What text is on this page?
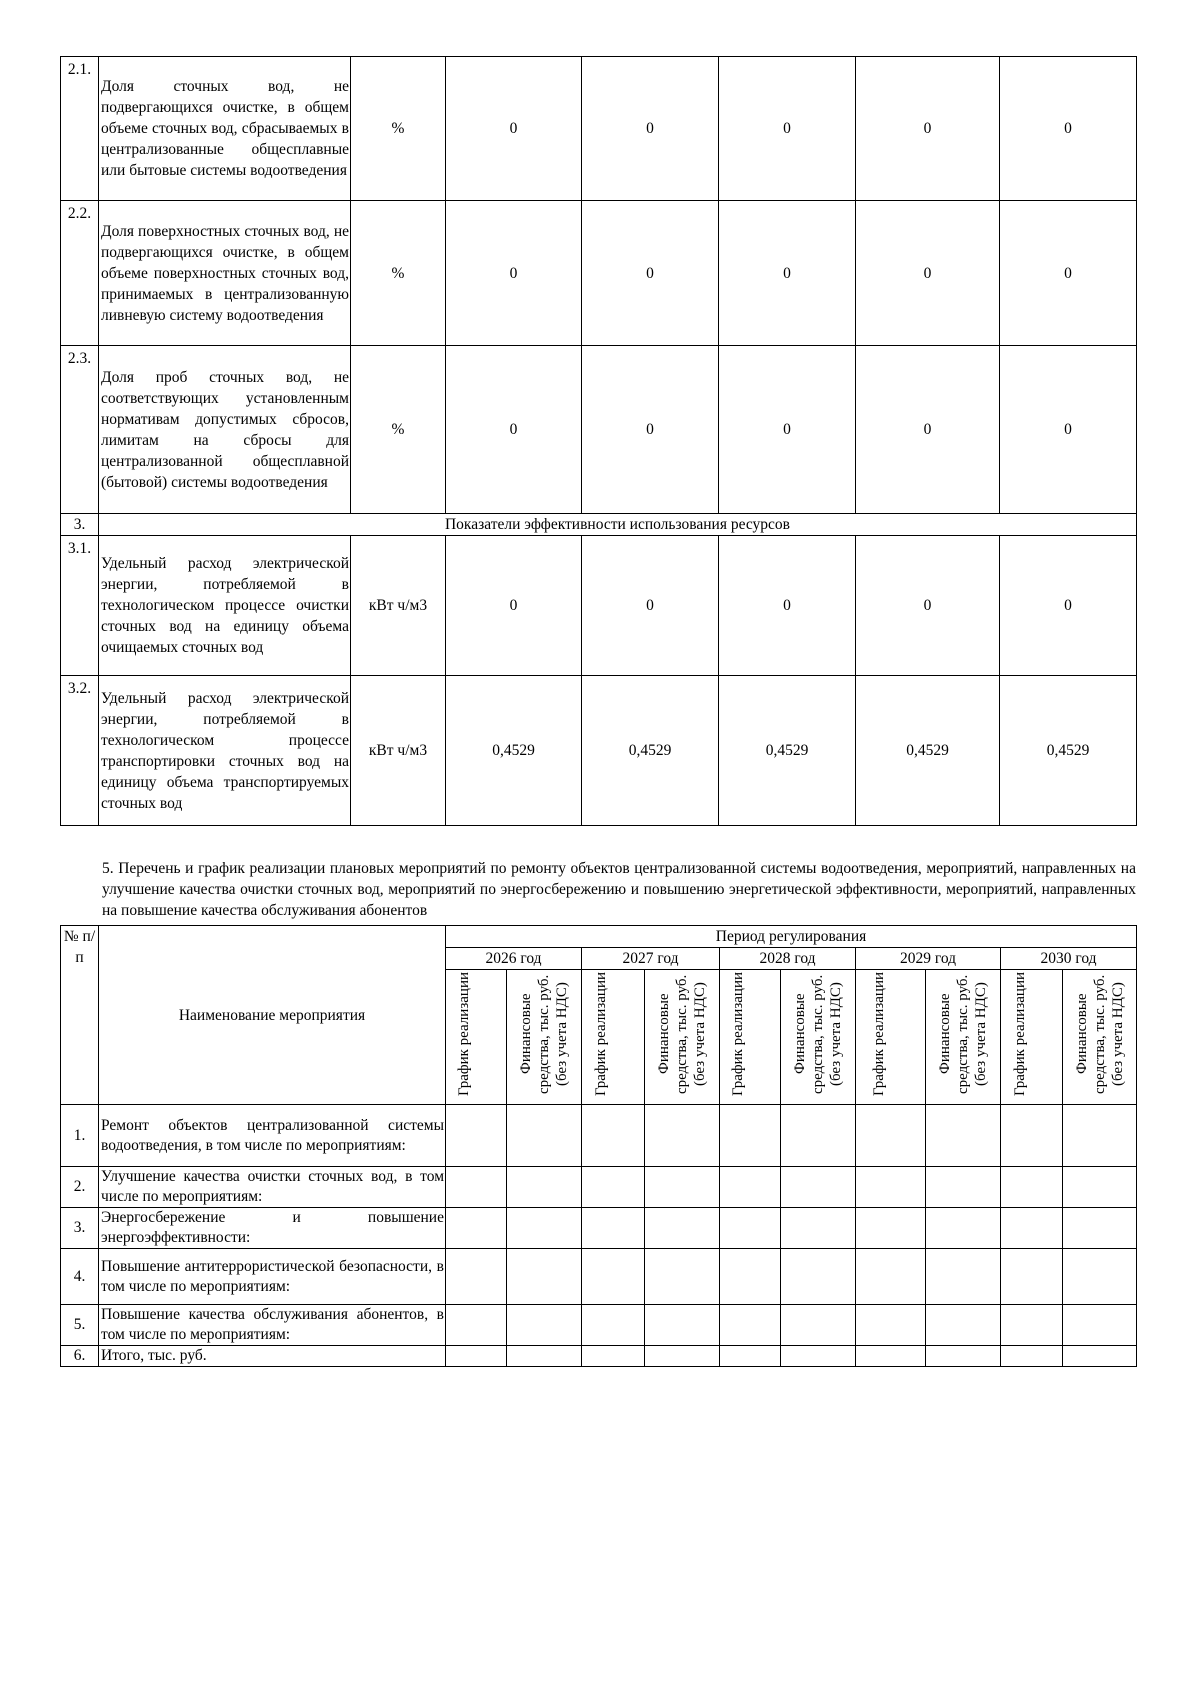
2.1.	Доля сточных вод, не подвергающихся очистке, в общем объеме сточных вод, сбрасываемых в централизованные общесплавные или бытовые системы водоотведения	%	0	0	0	0	0
2.2.	Доля поверхностных сточных вод, не подвергающихся очистке, в общем объеме поверхностных сточных вод, принимаемых в централизованную ливневую систему водоотведения	%	0	0	0	0	0
2.3.	Доля проб сточных вод, не соответствующих установленным нормативам допустимых сбросов, лимитам на сбросы для централизованной общесплавной (бытовой) системы водоотведения	%	0	0	0	0	0
3.	Показатели эффективности использования ресурсов						
3.1.	Удельный расход электрической энергии, потребляемой в технологическом процессе очистки сточных вод на единицу объема очищаемых сточных вод	кВт ч/м3	0	0	0	0	0
3.2.	Удельный расход электрической энергии, потребляемой в технологическом процессе транспортировки сточных вод на единицу объема транспортируемых сточных вод	кВт ч/м3	0,4529	0,4529	0,4529	0,4529	0,4529
5. Перечень и график реализации плановых мероприятий по ремонту объектов централизованной системы водоотведения, мероприятий, направленных на улучшение качества очистки сточных вод, мероприятий по энергосбережению и повышению энергетической эффективности, мероприятий, направленных на повышение качества обслуживания абонентов
№ п/п	Наименование мероприятия	Период регулирования									
		2026 год		2027 год		2028 год		2029 год		2030 год	
		График реализации	Финансовые средства, тыс. руб. (без учета НДС)	График реализации	Финансовые средства, тыс. руб. (без учета НДС)	График реализации	Финансовые средства, тыс. руб. (без учета НДС)	График реализации	Финансовые средства, тыс. руб. (без учета НДС)	График реализации	Финансовые средства, тыс. руб. (без учета НДС)
1.	Ремонт объектов централизованной системы водоотведения, в том числе по мероприятиям:										
2.	Улучшение качества очистки сточных вод, в том числе по мероприятиям:										
3.	Энергосбережение и повышение энергоэффективности:										
4.	Повышение антитеррористической безопасности, в том числе по мероприятиям:										
5.	Повышение качества обслуживания абонентов, в том числе по мероприятиям:										
6.	Итого, тыс. руб.										
